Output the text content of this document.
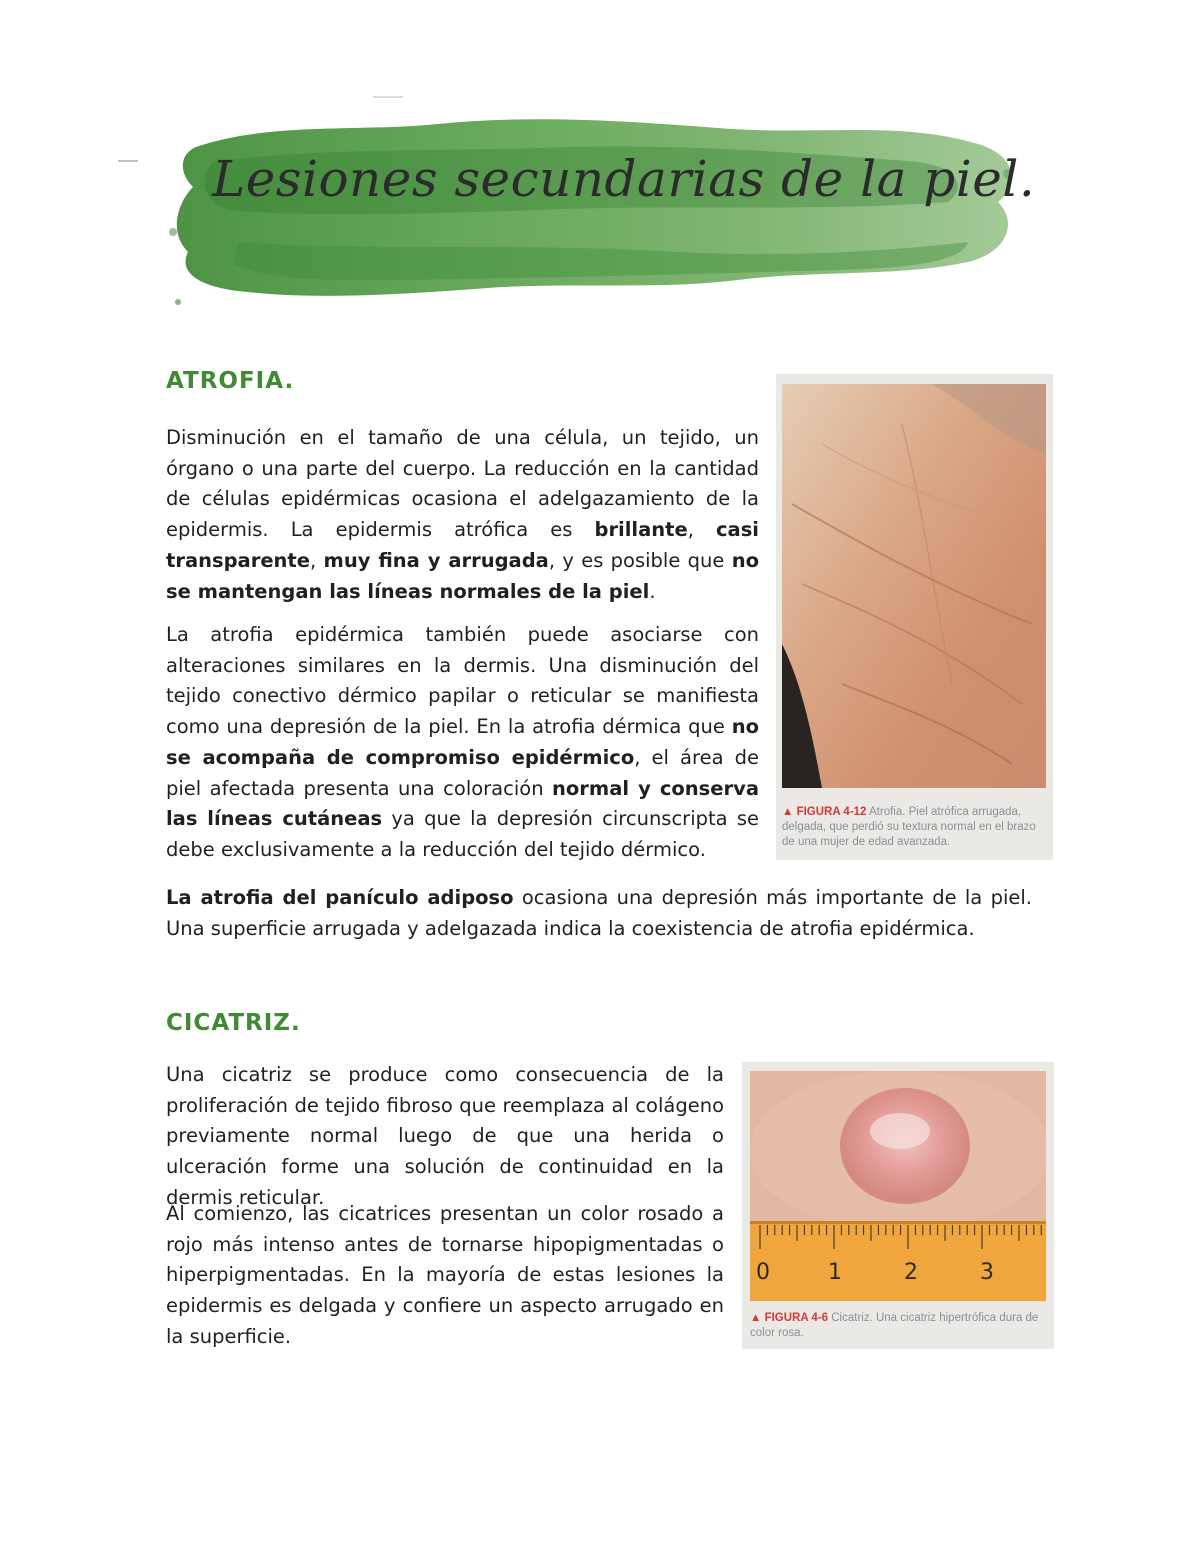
Lesiones secundarias de la piel.
ATROFIA.

Disminución en el tamaño de una célula, un tejido, un órgano o una parte del cuerpo. La reducción en la cantidad de células epidérmicas ocasiona el adelgazamiento de la epidermis. La epidermis atrófica es brillante, casi transparente, muy fina y arrugada, y es posible que no se mantengan las líneas normales de la piel.

La atrofia epidérmica también puede asociarse con alteraciones similares en la dermis. Una disminución del tejido conectivo dérmico papilar o reticular se manifiesta como una depresión de la piel. En la atrofia dérmica que no se acompaña de compromiso epidérmico, el área de piel afectada presenta una coloración normal y conserva las líneas cutáneas ya que la depresión circunscripta se debe exclusivamente a la reducción del tejido dérmico.

La atrofia del panículo adiposo ocasiona una depresión más importante de la piel. Una superficie arrugada y adelgazada indica la coexistencia de atrofia epidérmica.

▲ FIGURA 4-12 Atrofia. Piel atrófica arrugada, delgada, que perdió su textura normal en el brazo de una mujer de edad avanzada.
CICATRIZ.

Una cicatriz se produce como consecuencia de la proliferación de tejido fibroso que reemplaza al colágeno previamente normal luego de que una herida o ulceración forme una solución de continuidad en la dermis reticular.

Al comienzo, las cicatrices presentan un color rosado a rojo más intenso antes de tornarse hipopigmentadas o hiperpigmentadas. En la mayoría de estas lesiones la epidermis es delgada y confiere un aspecto arrugado en la superficie.

0	1	2	3
▲ FIGURA 4-6 Cicatriz. Una cicatriz hipertrófica dura de color rosa.
